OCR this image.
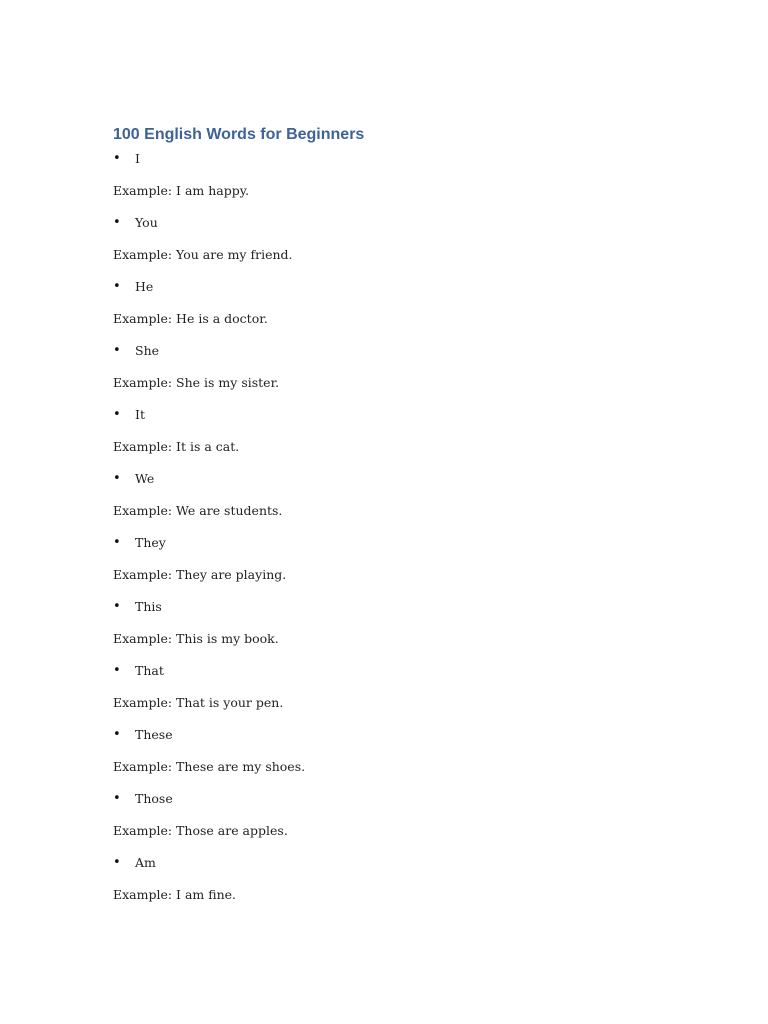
100 English Words for Beginners
• I
Example: I am happy.
• You
Example: You are my friend.
• He
Example: He is a doctor.
• She
Example: She is my sister.
• It
Example: It is a cat.
• We
Example: We are students.
• They
Example: They are playing.
• This
Example: This is my book.
• That
Example: That is your pen.
• These
Example: These are my shoes.
• Those
Example: Those are apples.
• Am
Example: I am fine.
